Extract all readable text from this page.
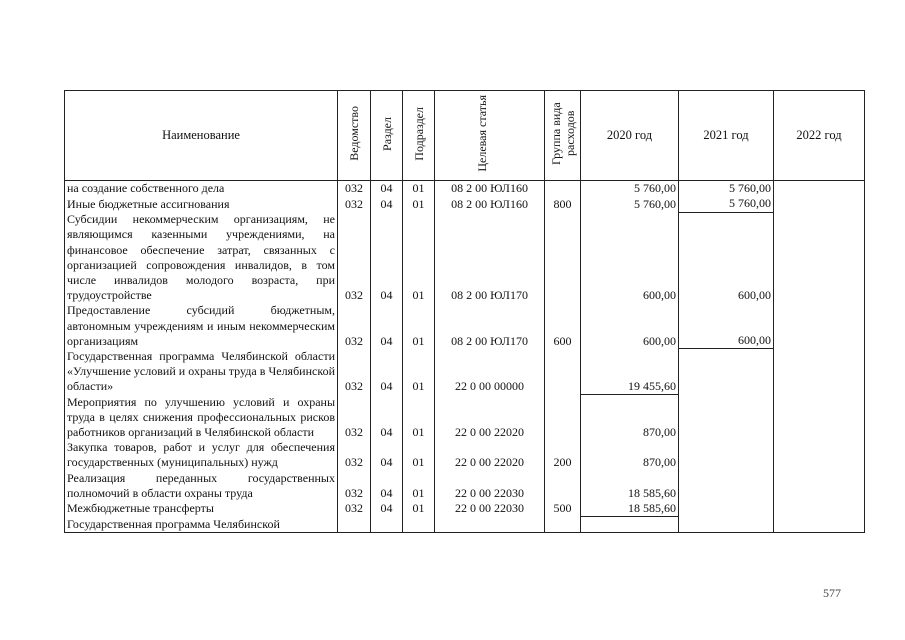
Наименование	Ведомство	Раздел	Подраздел	Целевая статья	Группа вида расходов	2020 год	2021 год	2022 год
на создание собственного дела	032	04	01	08 2 00 ЮЛ160		5 760,00	5 760,00	
Иные бюджетные ассигнования	032	04	01	08 2 00 ЮЛ160	800	5 760,00	5 760,00	
Субсидии некоммерческим организациям, не являющимся казенными учреждениями, на финансовое обеспечение затрат, связанных с организацией сопровождения инвалидов, в том числе инвалидов молодого возраста, при трудоустройстве	032	04	01	08 2 00 ЮЛ170		600,00	600,00	
Предоставление субсидий бюджетным, автономным учреждениям и иным некоммерческим организациям	032	04	01	08 2 00 ЮЛ170	600	600,00	600,00	
Государственная программа Челябинской области «Улучшение условий и охраны труда в Челябинской области»	032	04	01	22 0 00 00000		19 455,60		
Мероприятия по улучшению условий и охраны труда в целях снижения профессиональных рисков работников организаций в Челябинской области	032	04	01	22 0 00 22020		870,00		
Закупка товаров, работ и услуг для обеспечения государственных (муниципальных) нужд	032	04	01	22 0 00 22020	200	870,00		
Реализация переданных государственных полномочий в области охраны труда	032	04	01	22 0 00 22030		18 585,60		
Межбюджетные трансферты	032	04	01	22 0 00 22030	500	18 585,60		
Государственная программа Челябинской								
577
